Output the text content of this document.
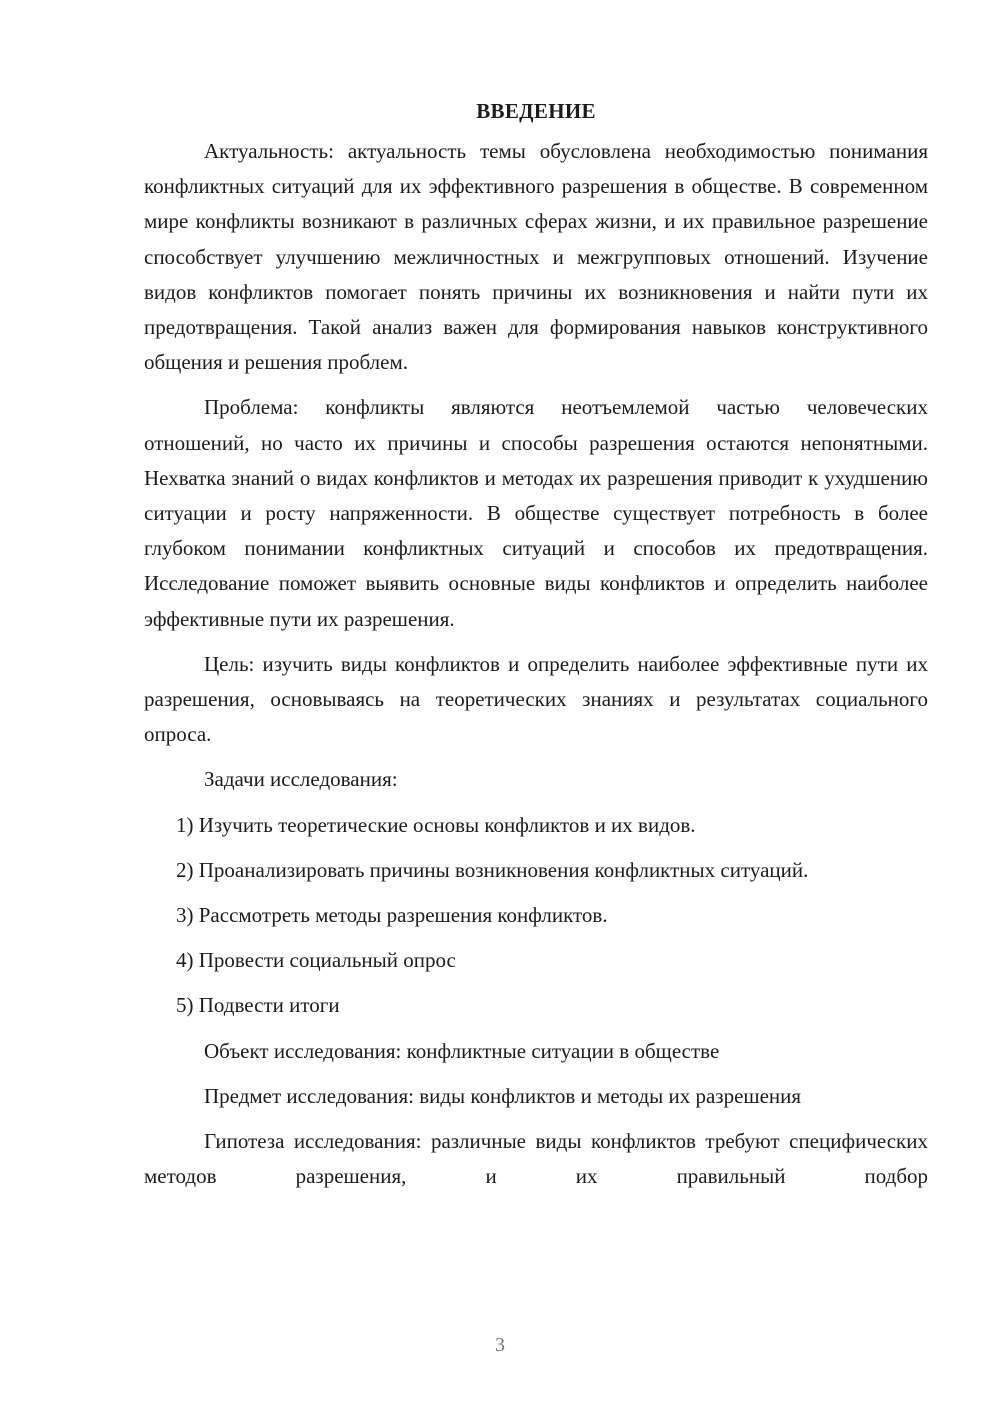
ВВЕДЕНИЕ

Актуальность: актуальность темы обусловлена необходимостью понимания конфликтных ситуаций для их эффективного разрешения в обществе. В современном мире конфликты возникают в различных сферах жизни, и их правильное разрешение способствует улучшению межличностных и межгрупповых отношений. Изучение видов конфликтов помогает понять причины их возникновения и найти пути их предотвращения. Такой анализ важен для формирования навыков конструктивного общения и решения проблем.

Проблема: конфликты являются неотъемлемой частью человеческих отношений, но часто их причины и способы разрешения остаются непонятными. Нехватка знаний о видах конфликтов и методах их разрешения приводит к ухудшению ситуации и росту напряженности. В обществе существует потребность в более глубоком понимании конфликтных ситуаций и способов их предотвращения. Исследование поможет выявить основные виды конфликтов и определить наиболее эффективные пути их разрешения.

Цель: изучить виды конфликтов и определить наиболее эффективные пути их разрешения, основываясь на теоретических знаниях и результатах социального опроса.

Задачи исследования:

1) Изучить теоретические основы конфликтов и их видов.

2) Проанализировать причины возникновения конфликтных ситуаций.

3) Рассмотреть методы разрешения конфликтов.

4) Провести социальный опрос

5) Подвести итоги

Объект исследования: конфликтные ситуации в обществе

Предмет исследования: виды конфликтов и методы их разрешения

Гипотеза исследования: различные виды конфликтов требуют специфических методов разрешения, и их правильный подбор

3
